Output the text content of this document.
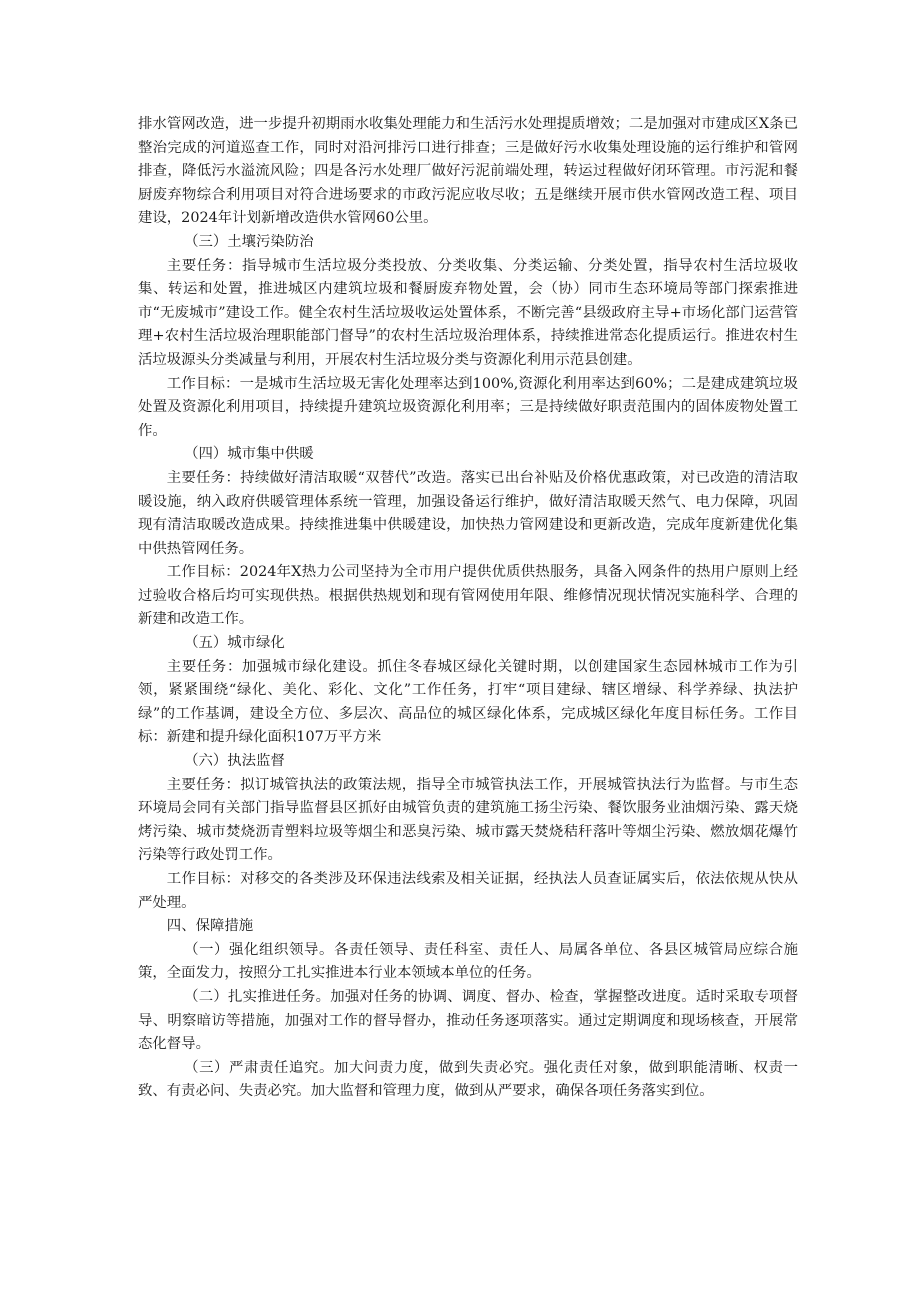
排水管网改造，进一步提升初期雨水收集处理能力和生活污水处理提质增效；二是加强对市建成区X条已整治完成的河道巡查工作，同时对沿河排污口进行排查；三是做好污水收集处理设施的运行维护和管网排查，降低污水溢流风险；四是各污水处理厂做好污泥前端处理，转运过程做好闭环管理。市污泥和餐厨废弃物综合利用项目对符合进场要求的市政污泥应收尽收；五是继续开展市供水管网改造工程、项目建设，2024年计划新增改造供水管网60公里。

（三）土壤污染防治

主要任务：指导城市生活垃圾分类投放、分类收集、分类运输、分类处置，指导农村生活垃圾收集、转运和处置，推进城区内建筑垃圾和餐厨废弃物处置，会（协）同市生态环境局等部门探索推进市“无废城市”建设工作。健全农村生活垃圾收运处置体系，不断完善“县级政府主导+市场化部门运营管理+农村生活垃圾治理职能部门督导”的农村生活垃圾治理体系，持续推进常态化提质运行。推进农村生活垃圾源头分类减量与利用，开展农村生活垃圾分类与资源化利用示范县创建。

工作目标：一是城市生活垃圾无害化处理率达到100%,资源化利用率达到60%；二是建成建筑垃圾处置及资源化利用项目，持续提升建筑垃圾资源化利用率；三是持续做好职责范围内的固体废物处置工作。

（四）城市集中供暖

主要任务：持续做好清洁取暖“双替代”改造。落实已出台补贴及价格优惠政策，对已改造的清洁取暖设施，纳入政府供暖管理体系统一管理，加强设备运行维护，做好清洁取暖天然气、电力保障，巩固现有清洁取暖改造成果。持续推进集中供暖建设，加快热力管网建设和更新改造，完成年度新建优化集中供热管网任务。

工作目标：2024年X热力公司坚持为全市用户提供优质供热服务，具备入网条件的热用户原则上经过验收合格后均可实现供热。根据供热规划和现有管网使用年限、维修情况现状情况实施科学、合理的新建和改造工作。

（五）城市绿化

主要任务：加强城市绿化建设。抓住冬春城区绿化关键时期，以创建国家生态园林城市工作为引领，紧紧围绕“绿化、美化、彩化、文化”工作任务，打牢“项目建绿、辖区增绿、科学养绿、执法护绿”的工作基调，建设全方位、多层次、高品位的城区绿化体系，完成城区绿化年度目标任务。工作目标：新建和提升绿化面积107万平方米

（六）执法监督

主要任务：拟订城管执法的政策法规，指导全市城管执法工作，开展城管执法行为监督。与市生态环境局会同有关部门指导监督县区抓好由城管负责的建筑施工扬尘污染、餐饮服务业油烟污染、露天烧烤污染、城市焚烧沥青塑料垃圾等烟尘和恶臭污染、城市露天焚烧秸秆落叶等烟尘污染、燃放烟花爆竹污染等行政处罚工作。

工作目标：对移交的各类涉及环保违法线索及相关证据，经执法人员查证属实后，依法依规从快从严处理。

四、保障措施

（一）强化组织领导。各责任领导、责任科室、责任人、局属各单位、各县区城管局应综合施策，全面发力，按照分工扎实推进本行业本领域本单位的任务。

（二）扎实推进任务。加强对任务的协调、调度、督办、检查，掌握整改进度。适时采取专项督导、明察暗访等措施，加强对工作的督导督办，推动任务逐项落实。通过定期调度和现场核查，开展常态化督导。

（三）严肃责任追究。加大问责力度，做到失责必究。强化责任对象，做到职能清晰、权责一致、有责必问、失责必究。加大监督和管理力度，做到从严要求，确保各项任务落实到位。
